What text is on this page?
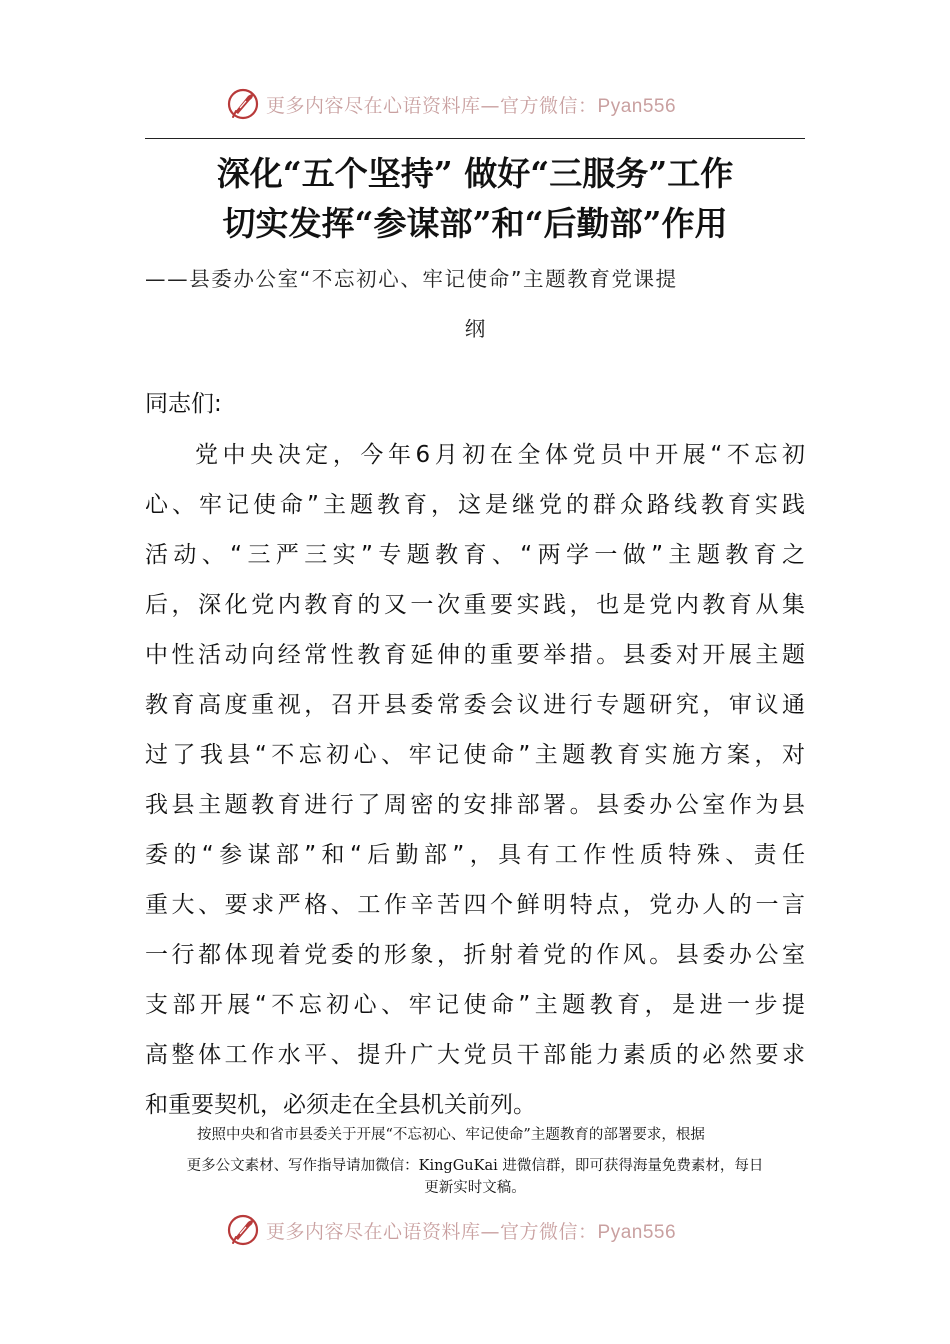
更多内容尽在心语资料库—官方微信：Pyan556
深化“五个坚持” 做好“三服务”工作
切实发挥“参谋部”和“后勤部”作用
——县委办公室“不忘初心、牢记使命”主题教育党课提
纲
同志们:
党中央决定，今年6月初在全体党员中开展“不忘初
心、牢记使命”主题教育，这是继党的群众路线教育实践
活动、“三严三实”专题教育、“两学一做”主题教育之
后，深化党内教育的又一次重要实践，也是党内教育从集
中性活动向经常性教育延伸的重要举措。县委对开展主题
教育高度重视，召开县委常委会议进行专题研究，审议通
过了我县“不忘初心、牢记使命”主题教育实施方案，对
我县主题教育进行了周密的安排部署。县委办公室作为县
委的“参谋部”和“后勤部”，具有工作性质特殊、责任
重大、要求严格、工作辛苦四个鲜明特点，党办人的一言
一行都体现着党委的形象，折射着党的作风。县委办公室
支部开展“不忘初心、牢记使命”主题教育，是进一步提
高整体工作水平、提升广大党员干部能力素质的必然要求
和重要契机，必须走在全县机关前列。
按照中央和省市县委关于开展“不忘初心、牢记使命”主题教育的部署要求，根据
更多公文素材、写作指导请加微信：KingGuKai 进微信群，即可获得海量免费素材，每日
更新实时文稿。
更多内容尽在心语资料库—官方微信：Pyan556
